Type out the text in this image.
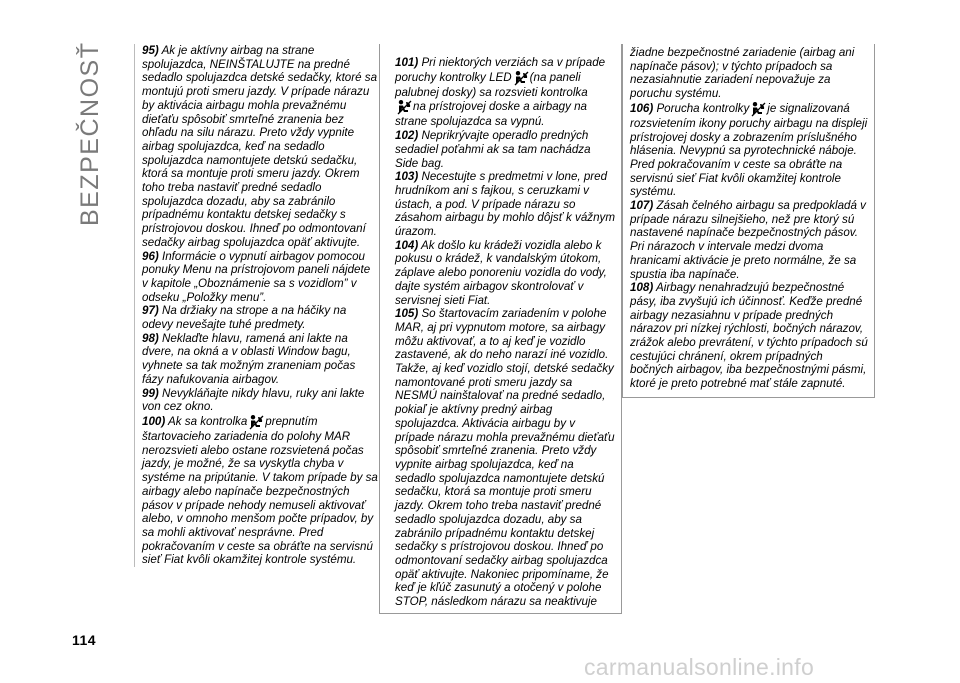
BEZPEČNOSŤ	95) Ak je aktívny airbag na strane spolujazdca, NEINŠTALUJTE na predné sedadlo spolujazdca detské sedačky, ktoré sa montujú proti smeru jazdy. V prípade nárazu by aktivácia airbagu mohla prevažnému dieťaťu spôsobiť smrteľné zranenia bez ohľadu na silu nárazu. Preto vždy vypnite airbag spolujazdca, keď na sedadlo spolujazdca namontujete detskú sedačku, ktorá sa montuje proti smeru jazdy. Okrem toho treba nastaviť predné sedadlo spolujazdca dozadu, aby sa zabránilo prípadnému kontaktu detskej sedačky s prístrojovou doskou. Ihneď po odmontovaní sedačky airbag spolujazdca opäť aktivujte.

96) Informácie o vypnutí airbagov pomocou ponuky Menu na prístrojovom paneli nájdete v kapitole „Oboznámenie sa s vozidlom” v odseku „Položky menu”.

97) Na držiaky na strope a na háčiky na odevy nevešajte tuhé predmety.

98) Neklaďte hlavu, ramená ani lakte na dvere, na okná a v oblasti Window bagu, vyhnete sa tak možným zraneniam počas fázy nafukovania airbagov.

99) Nevykláňajte nikdy hlavu, ruky ani lakte von cez okno.

100) Ak sa kontrolka prepnutím štartovacieho zariadenia do polohy MAR nerozsvieti alebo ostane rozsvietená počas jazdy, je možné, že sa vyskytla chyba v systéme na pripútanie. V takom prípade by sa airbagy alebo napínače bezpečnostných pásov v prípade nehody nemuseli aktivovať alebo, v omnoho menšom počte prípadov, by sa mohli aktivovať nesprávne. Pred pokračovaním v ceste sa obráťte na servisnú sieť Fiat kvôli okamžitej kontrole systému.

101) Pri niektorých verziách sa v prípade poruchy kontrolky LED (na paneli palubnej dosky) sa rozsvieti kontrolka
na prístrojovej doske a airbagy na strane spolujazdca sa vypnú.

102) Neprikrývajte operadlo predných sedadiel poťahmi ak sa tam nachádza Side bag.

103) Necestujte s predmetmi v lone, pred hrudníkom ani s fajkou, s ceruzkami v ústach, a pod. V prípade nárazu so zásahom airbagu by mohlo dôjsť k vážnym úrazom.

104) Ak došlo ku krádeži vozidla alebo k pokusu o krádež, k vandalským útokom, záplave alebo ponoreniu vozidla do vody, dajte systém airbagov skontrolovať v servisnej sieti Fiat.

105) So štartovacím zariadením v polohe MAR, aj pri vypnutom motore, sa airbagy môžu aktivovať, a to aj keď je vozidlo zastavené, ak do neho narazí iné vozidlo. Takže, aj keď vozidlo stojí, detské sedačky namontované proti smeru jazdy sa NESMÚ nainštalovať na predné sedadlo, pokiaľ je aktívny predný airbag spolujazdca. Aktivácia airbagu by v prípade nárazu mohla prevažnému dieťaťu spôsobiť smrteľné zranenia. Preto vždy vypnite airbag spolujazdca, keď na sedadlo spolujazdca namontujete detskú sedačku, ktorá sa montuje proti smeru jazdy. Okrem toho treba nastaviť predné sedadlo spolujazdca dozadu, aby sa zabránilo prípadnému kontaktu detskej sedačky s prístrojovou doskou. Ihneď po odmontovaní sedačky airbag spolujazdca opäť aktivujte. Nakoniec pripomíname, že keď je kľúč zasunutý a otočený v polohe STOP, následkom nárazu sa neaktivuje

žiadne bezpečnostné zariadenie (airbag ani napínače pásov); v týchto prípadoch sa nezasiahnutie zariadení nepovažuje za poruchu systému.

106) Porucha kontrolky je signalizovaná rozsvietením ikony poruchy airbagu na displeji prístrojovej dosky a zobrazením príslušného hlásenia. Nevypnú sa pyrotechnické náboje. Pred pokračovaním v ceste sa obráťte na servisnú sieť Fiat kvôli okamžitej kontrole systému.

107) Zásah čelného airbagu sa predpokladá v prípade nárazu silnejšieho, než pre ktorý sú nastavené napínače bezpečnostných pásov. Pri nárazoch v intervale medzi dvoma hranicami aktivácie je preto normálne, že sa spustia iba napínače.

108) Airbagy nenahradzujú bezpečnostné pásy, iba zvyšujú ich účinnosť. Keďže predné airbagy nezasiahnu v prípade predných nárazov pri nízkej rýchlosti, bočných nárazov, zrážok alebo prevrátení, v týchto prípadoch sú cestujúci chránení, okrem prípadných bočných airbagov, iba bezpečnostnými pásmi, ktoré je preto potrebné mať stále zapnuté.

114
carmanualsonline.info
